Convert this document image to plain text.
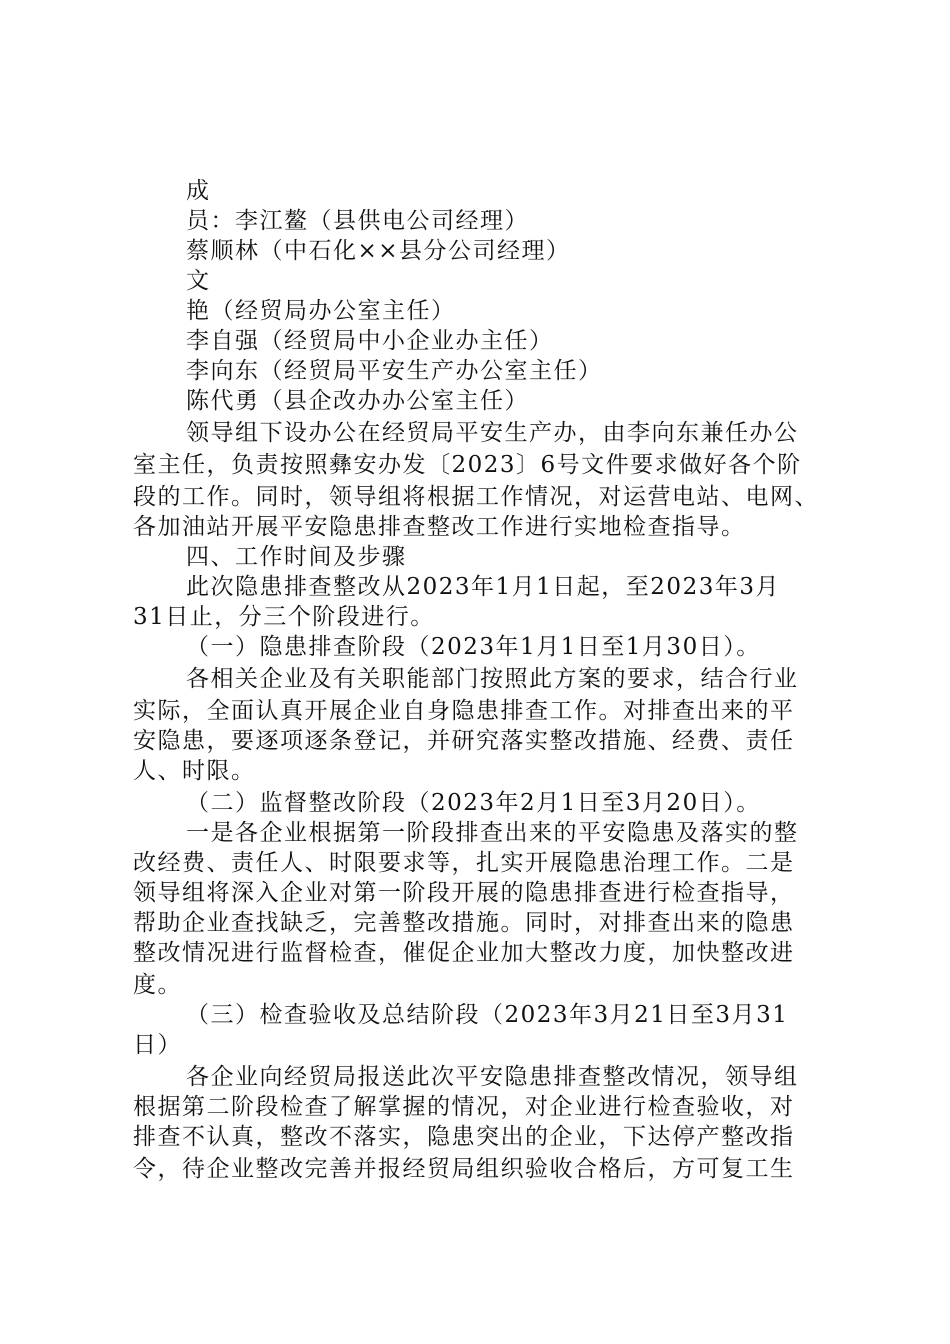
成
员：李江鳌（县供电公司经理）
蔡顺林（中石化××县分公司经理）
文
艳（经贸局办公室主任）
李自强（经贸局中小企业办主任）
李向东（经贸局平安生产办公室主任）
陈代勇（县企改办办公室主任）
领导组下设办公在经贸局平安生产办，由李向东兼任办公
室主任，负责按照彝安办发〔2023〕6号文件要求做好各个阶
段的工作。同时，领导组将根据工作情况，对运营电站、电网、
各加油站开展平安隐患排查整改工作进行实地检查指导。
四、工作时间及步骤
此次隐患排查整改从2023年1月1日起，至2023年3月
31日止，分三个阶段进行。
（一）隐患排查阶段（2023年1月1日至1月30日）。
各相关企业及有关职能部门按照此方案的要求，结合行业
实际，全面认真开展企业自身隐患排查工作。对排查出来的平
安隐患，要逐项逐条登记，并研究落实整改措施、经费、责任
人、时限。
（二）监督整改阶段（2023年2月1日至3月20日）。
一是各企业根据第一阶段排查出来的平安隐患及落实的整
改经费、责任人、时限要求等，扎实开展隐患治理工作。二是
领导组将深入企业对第一阶段开展的隐患排查进行检查指导，
帮助企业查找缺乏，完善整改措施。同时，对排查出来的隐患
整改情况进行监督检查，催促企业加大整改力度，加快整改进
度。
（三）检查验收及总结阶段（2023年3月21日至3月31
日）
各企业向经贸局报送此次平安隐患排查整改情况，领导组
根据第二阶段检查了解掌握的情况，对企业进行检查验收，对
排查不认真，整改不落实，隐患突出的企业，下达停产整改指
令，待企业整改完善并报经贸局组织验收合格后，方可复工生
